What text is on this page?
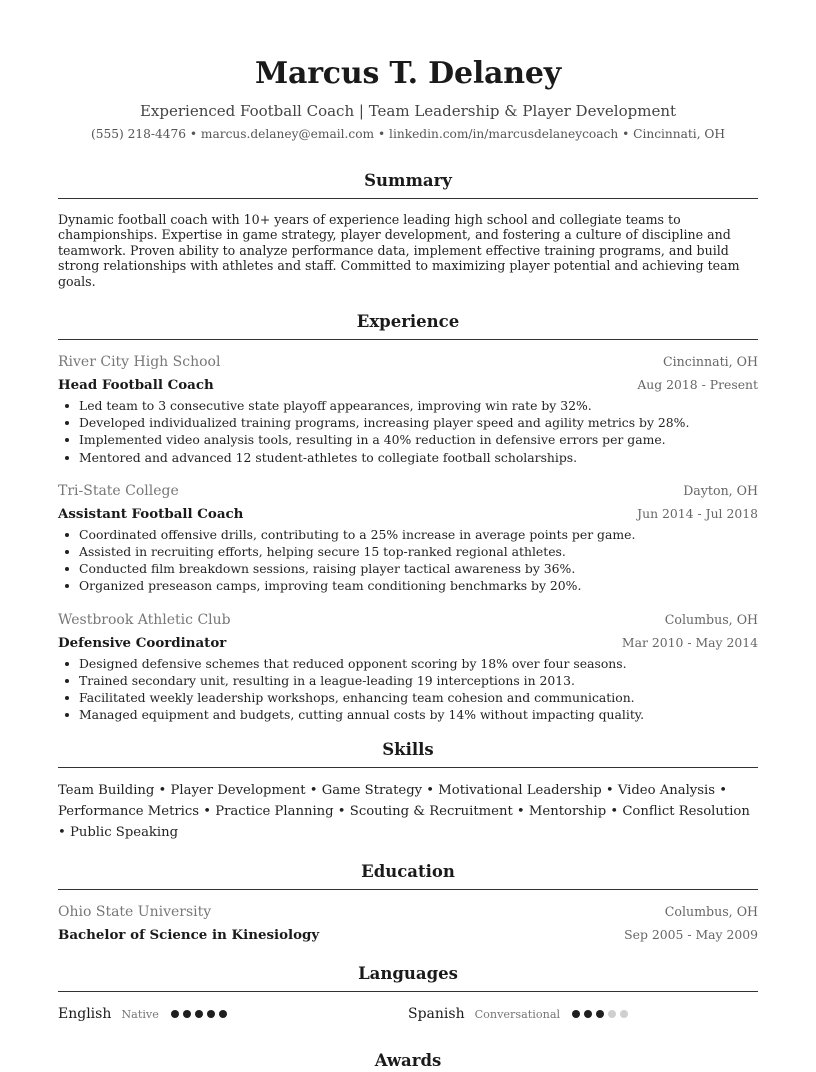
Marcus T. Delaney
Experienced Football Coach | Team Leadership & Player Development
(555) 218-4476 • marcus.delaney@email.com • linkedin.com/in/marcusdelaneycoach • Cincinnati, OH
Summary
Dynamic football coach with 10+ years of experience leading high school and collegiate teams to championships. Expertise in game strategy, player development, and fostering a culture of discipline and teamwork. Proven ability to analyze performance data, implement effective training programs, and build strong relationships with athletes and staff. Committed to maximizing player potential and achieving team goals.
Experience
River City High School	Cincinnati, OH
Head Football Coach	Aug 2018 - Present
Led team to 3 consecutive state playoff appearances, improving win rate by 32%.
Developed individualized training programs, increasing player speed and agility metrics by 28%.
Implemented video analysis tools, resulting in a 40% reduction in defensive errors per game.
Mentored and advanced 12 student-athletes to collegiate football scholarships.
Tri-State College	Dayton, OH
Assistant Football Coach	Jun 2014 - Jul 2018
Coordinated offensive drills, contributing to a 25% increase in average points per game.
Assisted in recruiting efforts, helping secure 15 top-ranked regional athletes.
Conducted film breakdown sessions, raising player tactical awareness by 36%.
Organized preseason camps, improving team conditioning benchmarks by 20%.
Westbrook Athletic Club	Columbus, OH
Defensive Coordinator	Mar 2010 - May 2014
Designed defensive schemes that reduced opponent scoring by 18% over four seasons.
Trained secondary unit, resulting in a league-leading 19 interceptions in 2013.
Facilitated weekly leadership workshops, enhancing team cohesion and communication.
Managed equipment and budgets, cutting annual costs by 14% without impacting quality.
Skills
Team Building • Player Development • Game Strategy • Motivational Leadership • Video Analysis • Performance Metrics • Practice Planning • Scouting & Recruitment • Mentorship • Conflict Resolution • Public Speaking
Education
Ohio State University	Columbus, OH
Bachelor of Science in Kinesiology	Sep 2005 - May 2009
Languages
English Native	Spanish Conversational
Awards
